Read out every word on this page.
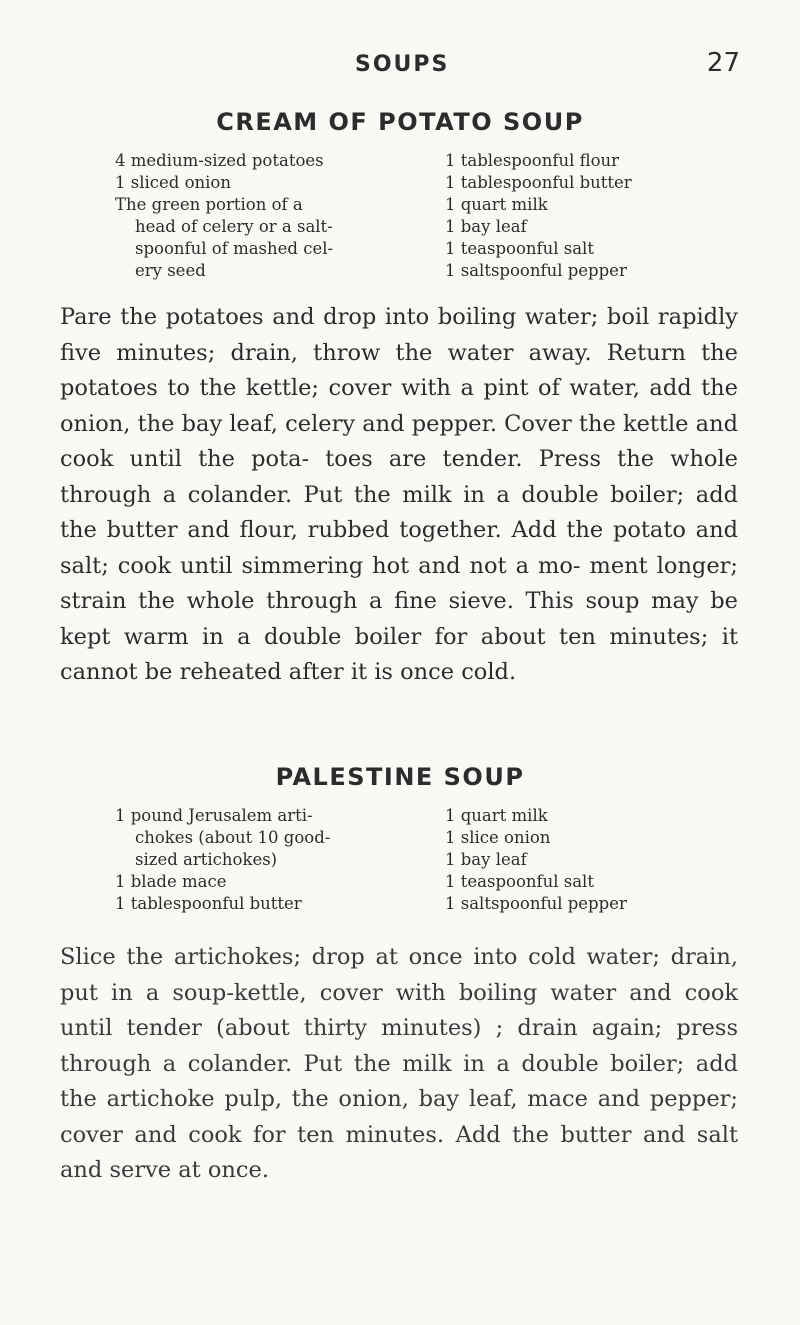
SOUPS	27
CREAM OF POTATO SOUP

4 medium-sized potatoes

1 sliced onion

The green portion of a

head of celery or a salt-

spoonful of mashed cel-

ery seed

1 tablespoonful flour

1 tablespoonful butter

1 quart milk

1 bay leaf

1 teaspoonful salt

1 saltspoonful pepper

Pare the potatoes and drop into boiling water; boil rapidly five minutes; drain, throw the water away. Return the potatoes to the kettle; cover with a pint of water, add the onion, the bay leaf, celery and pepper. Cover the kettle and cook until the pota- toes are tender. Press the whole through a colander. Put the milk in a double boiler; add the butter and flour, rubbed together. Add the potato and salt; cook until simmering hot and not a mo- ment longer; strain the whole through a fine sieve. This soup may be kept warm in a double boiler for about ten minutes; it cannot be reheated after it is once cold.

PALESTINE SOUP

1 pound Jerusalem arti-

chokes (about 10 good-

sized artichokes)

1 blade mace

1 tablespoonful butter

1 quart milk

1 slice onion

1 bay leaf

1 teaspoonful salt

1 saltspoonful pepper

Slice the artichokes; drop at once into cold water; drain, put in a soup-kettle, cover with boiling water and cook until tender (about thirty minutes) ; drain again; press through a colander. Put the milk in a double boiler; add the artichoke pulp, the onion, bay leaf, mace and pepper; cover and cook for ten minutes. Add the butter and salt and serve at once.
